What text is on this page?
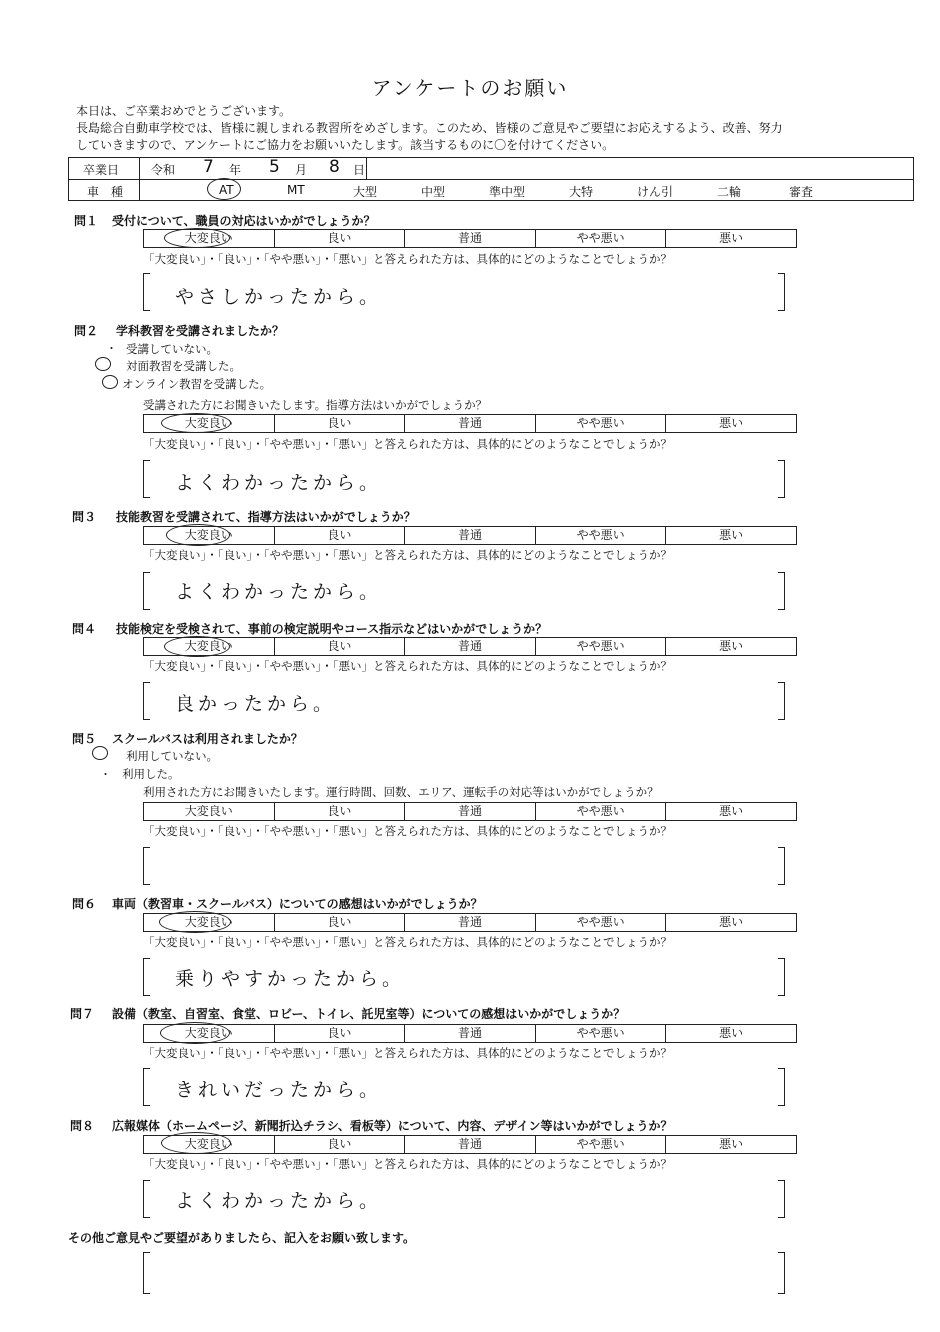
アンケートのお願い
本日は、ご卒業おめでとうございます。
長島総合自動車学校では、皆様に親しまれる教習所をめざします。このため、皆様のご意見やご要望にお応えするよう、改善、努力
していきますので、アンケートにご協力をお願いいたします。該当するものに〇を付けてください。
卒業日	令和 7 年 5 月 8 日
車　種	AT	MT	大型	中型	準中型	大特	けん引	二輪	審査
問１ 受付について、職員の対応はいかがでしょうか？
大変良い	良い	普通	やや悪い	悪い
「大変良い」・「良い」・「やや悪い」・「悪い」と答えられた方は、具体的にどのようなことでしょうか？
やさしかったから。
問２ 学科教習を受講されましたか？
・ 受講していない。
対面教習を受講した。
オンライン教習を受講した。
受講された方にお聞きいたします。指導方法はいかがでしょうか？
大変良い	良い	普通	やや悪い	悪い
「大変良い」・「良い」・「やや悪い」・「悪い」と答えられた方は、具体的にどのようなことでしょうか？
よくわかったから。
問３ 技能教習を受講されて、指導方法はいかがでしょうか？
大変良い	良い	普通	やや悪い	悪い
「大変良い」・「良い」・「やや悪い」・「悪い」と答えられた方は、具体的にどのようなことでしょうか？
よくわかったから。
問４ 技能検定を受検されて、事前の検定説明やコース指示などはいかがでしょうか？
大変良い	良い	普通	やや悪い	悪い
「大変良い」・「良い」・「やや悪い」・「悪い」と答えられた方は、具体的にどのようなことでしょうか？
良かったから。
問５ スクールバスは利用されましたか？
利用していない。
・ 利用した。
利用された方にお聞きいたします。運行時間、回数、エリア、運転手の対応等はいかがでしょうか？
大変良い	良い	普通	やや悪い	悪い
「大変良い」・「良い」・「やや悪い」・「悪い」と答えられた方は、具体的にどのようなことでしょうか？
問６ 車両（教習車・スクールバス）についての感想はいかがでしょうか？
大変良い	良い	普通	やや悪い	悪い
「大変良い」・「良い」・「やや悪い」・「悪い」と答えられた方は、具体的にどのようなことでしょうか？
乗りやすかったから。
問７ 設備（教室、自習室、食堂、ロビー、トイレ、託児室等）についての感想はいかがでしょうか？
大変良い	良い	普通	やや悪い	悪い
「大変良い」・「良い」・「やや悪い」・「悪い」と答えられた方は、具体的にどのようなことでしょうか？
きれいだったから。
問８ 広報媒体（ホームページ、新聞折込チラシ、看板等）について、内容、デザイン等はいかがでしょうか？
大変良い	良い	普通	やや悪い	悪い
「大変良い」・「良い」・「やや悪い」・「悪い」と答えられた方は、具体的にどのようなことでしょうか？
よくわかったから。
その他ご意見やご要望がありましたら、記入をお願い致します。
